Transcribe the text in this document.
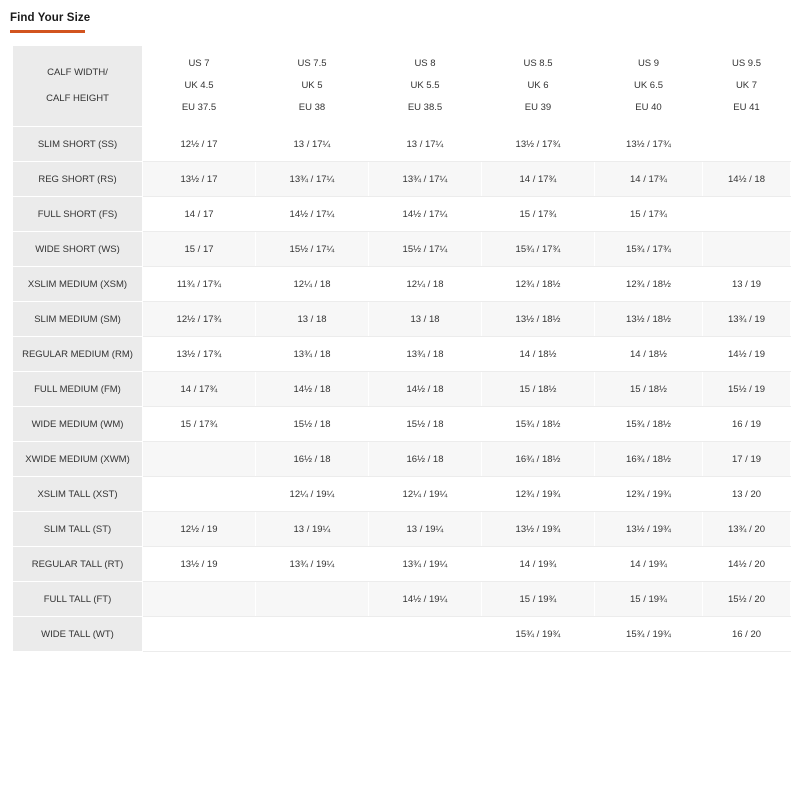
Find Your Size
CALF WIDTH/
CALF HEIGHT	US 7
UK 4.5
EU 37.5	US 7.5
UK 5
EU 38	US 8
UK 5.5
EU 38.5	US 8.5
UK 6
EU 39	US 9
UK 6.5
EU 40	US 9.5
UK 7
EU 41

SLIM SHORT (SS)	12½ / 17	13 / 17¼	13 / 17¼	13½ / 17¾	13½ / 17¾	
REG SHORT (RS)	13½ / 17	13¾ / 17¼	13¾ / 17¼	14 / 17¾	14 / 17¾	14½ / 18
FULL SHORT (FS)	14 / 17	14½ / 17¼	14½ / 17¼	15 / 17¾	15 / 17¾	
WIDE SHORT (WS)	15 / 17	15½ / 17¼	15½ / 17¼	15¾ / 17¾	15¾ / 17¾	
XSLIM MEDIUM (XSM)	11¾ / 17¾	12¼ / 18	12¼ / 18	12¾ / 18½	12¾ / 18½	13 / 19
SLIM MEDIUM (SM)	12½ / 17¾	13 / 18	13 / 18	13½ / 18½	13½ / 18½	13¾ / 19
REGULAR MEDIUM (RM)	13½ / 17¾	13¾ / 18	13¾ / 18	14 / 18½	14 / 18½	14½ / 19
FULL MEDIUM (FM)	14 / 17¾	14½ / 18	14½ / 18	15 / 18½	15 / 18½	15½ / 19
WIDE MEDIUM (WM)	15 / 17¾	15½ / 18	15½ / 18	15¾ / 18½	15¾ / 18½	16 / 19
XWIDE MEDIUM (XWM)		16½ / 18	16½ / 18	16¾ / 18½	16¾ / 18½	17 / 19
XSLIM TALL (XST)		12¼ / 19¼	12¼ / 19¼	12¾ / 19¾	12¾ / 19¾	13 / 20
SLIM TALL (ST)	12½ / 19	13 / 19¼	13 / 19¼	13½ / 19¾	13½ / 19¾	13¾ / 20
REGULAR TALL (RT)	13½ / 19	13¾ / 19¼	13¾ / 19¼	14 / 19¾	14 / 19¾	14½ / 20
FULL TALL (FT)			14½ / 19¼	15 / 19¾	15 / 19¾	15½ / 20
WIDE TALL (WT)				15¾ / 19¾	15¾ / 19¾	16 / 20
